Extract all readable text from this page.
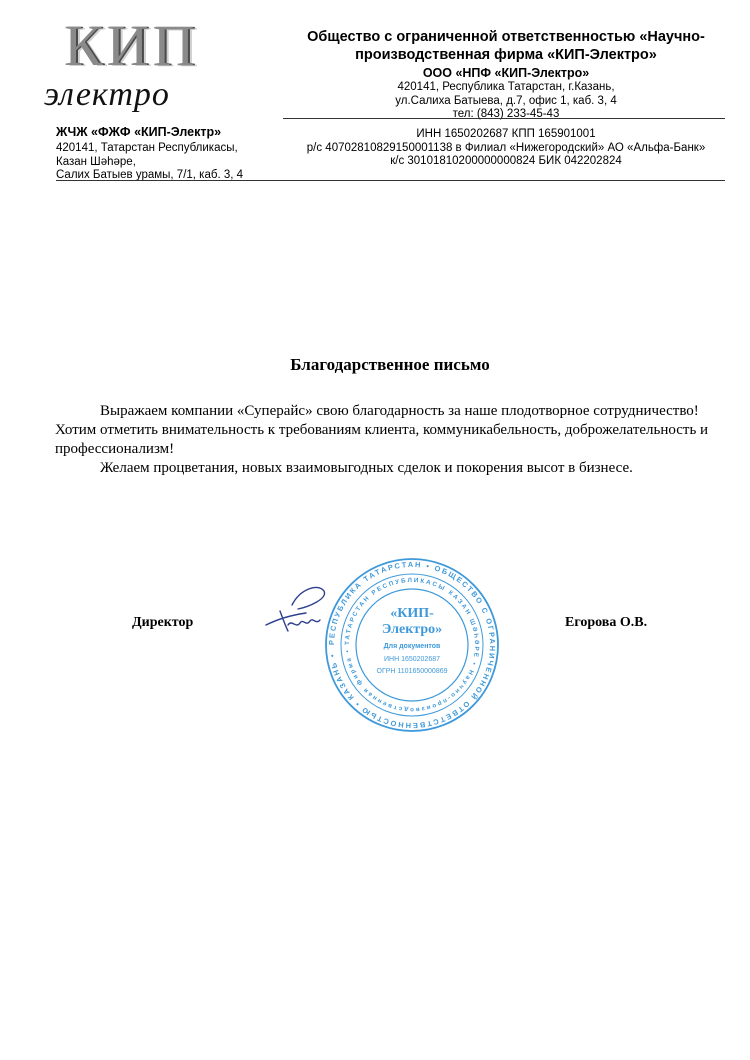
КИП
электро
ЖЧЖ «ФЖФ «КИП-Электр»
420141, Татарстан Республикасы,
Казан Шәһәре,
Салих Батыев урамы, 7/1, каб. 3, 4
Общество с ограниченной ответственностью «Научно-
производственная фирма «КИП-Электро»
ООО «НПФ «КИП-Электро»
420141, Республика Татарстан, г.Казань,
ул.Салиха Батыева, д.7, офис 1, каб. 3, 4
тел: (843) 233-45-43
ИНН 1650202687 КПП 165901001
р/с 40702810829150001138 в Филиал «Нижегородский» АО «Альфа-Банк»
к/с 30101810200000000824 БИК 042202824
Благодарственное письмо

Выражаем компании «Суперайс» свою благодарность за наше плодотворное сотрудничество! Хотим отметить внимательность к требованиям клиента, коммуникабельность, доброжелательность и профессионализм!

Желаем процветания, новых взаимовыгодных сделок и покорения высот в бизнесе.

Директор	Егорова О.В.
РЕСПУБЛИКА ТАТАРСТАН • ОБЩЕСТВО С ОГРАНИЧЕННОЙ ОТВЕТСТВЕННОСТЬЮ • КАЗАНЬ •
ТАТАРСТАН РЕСПУБЛИКАСЫ КАЗАН ШӘҺӘРЕ • Научно-производственная фирма •
«КИП-
Электро»
Для документов
ИНН 1650202687
ОГРН 1101650000869
